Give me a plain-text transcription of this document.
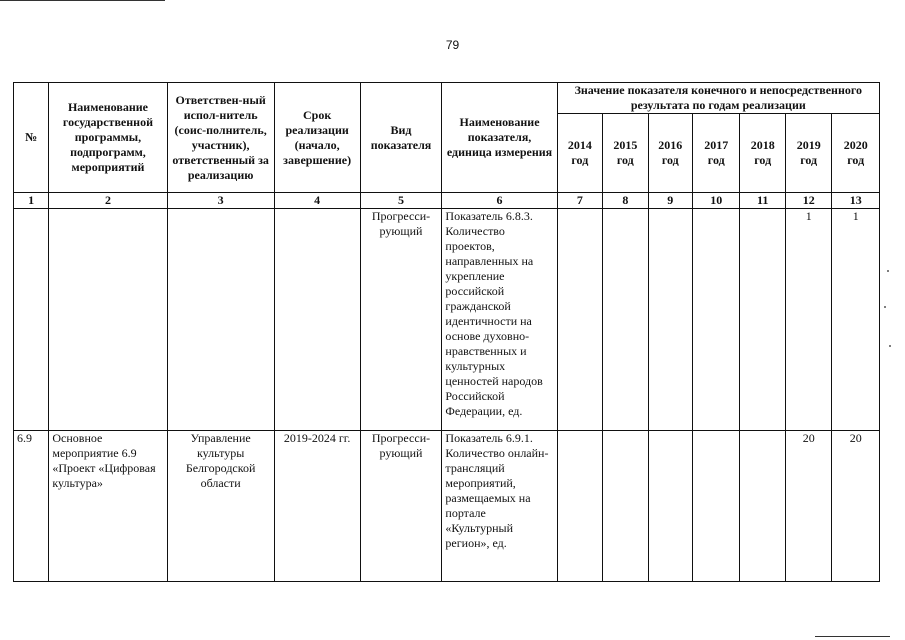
79
№	Наименование государственной программы, подпрограмм, мероприятий	Ответствен-ный испол-нитель (соис-полнитель, участник), ответственный за реализацию	Срок реализации (начало, завершение)	Вид показателя	Наименование показателя, единица измерения	Значение показателя конечного и непосредственного результата по годам реализации						
						2014 год	2015 год	2016 год	2017 год	2018 год	2019 год	2020 год
1	2	3	4	5	6	7	8	9	10	11	12	13
				Прогресси-рующий	Показатель 6.8.3. Количество проектов, направленных на укрепление российской гражданской идентичности на основе духовно-нравственных и культурных ценностей народов Российской Федерации, ед.						1	1
6.9	Основное мероприятие 6.9 «Проект «Цифровая культура»	Управление культуры Белгородской области	2019-2024 гг.	Прогресси-рующий	Показатель 6.9.1. Количество онлайн-трансляций мероприятий, размещаемых на портале «Культурный регион», ед.						20	20
